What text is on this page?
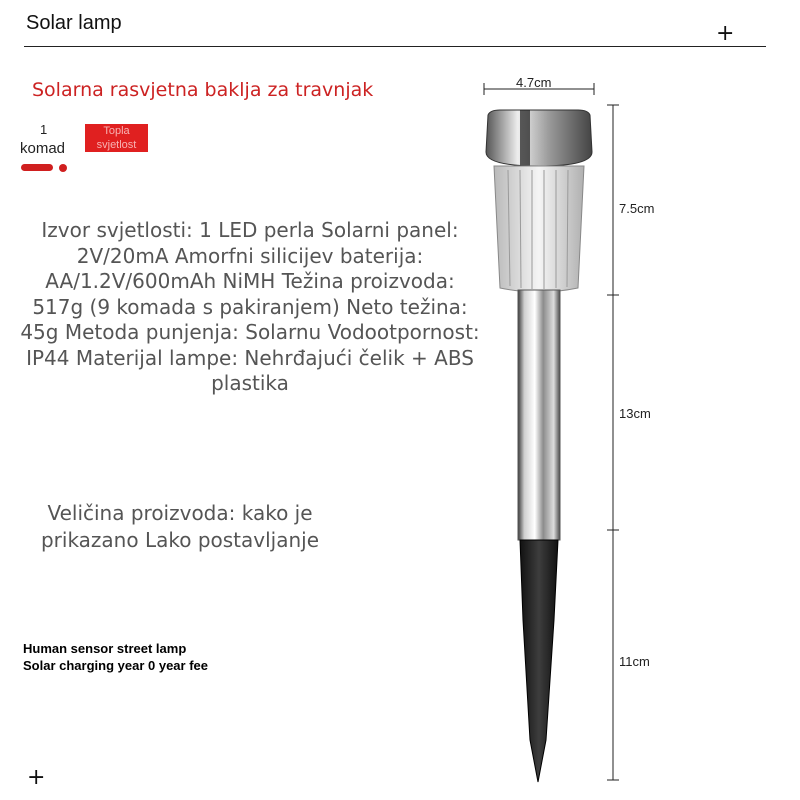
Solar lamp	+
Solarna rasvjetna baklja za travnjak
1
komad
Topla svjetlost
Izvor svjetlosti: 1 LED perla Solarni panel: 2V/20mA Amorfni silicijev baterija: AA/1.2V/600mAh NiMH Težina proizvoda: 517g (9 komada s pakiranjem) Neto težina: 45g Metoda punjenja: Solarnu Vodootpornost: IP44 Materijal lampe: Nehrđajući čelik + ABS plastika
Veličina proizvoda: kako je prikazano Lako postavljanje
Human sensor street lamp
Solar charging year 0 year fee
+
4.7cm
7.5cm
13cm
11cm
